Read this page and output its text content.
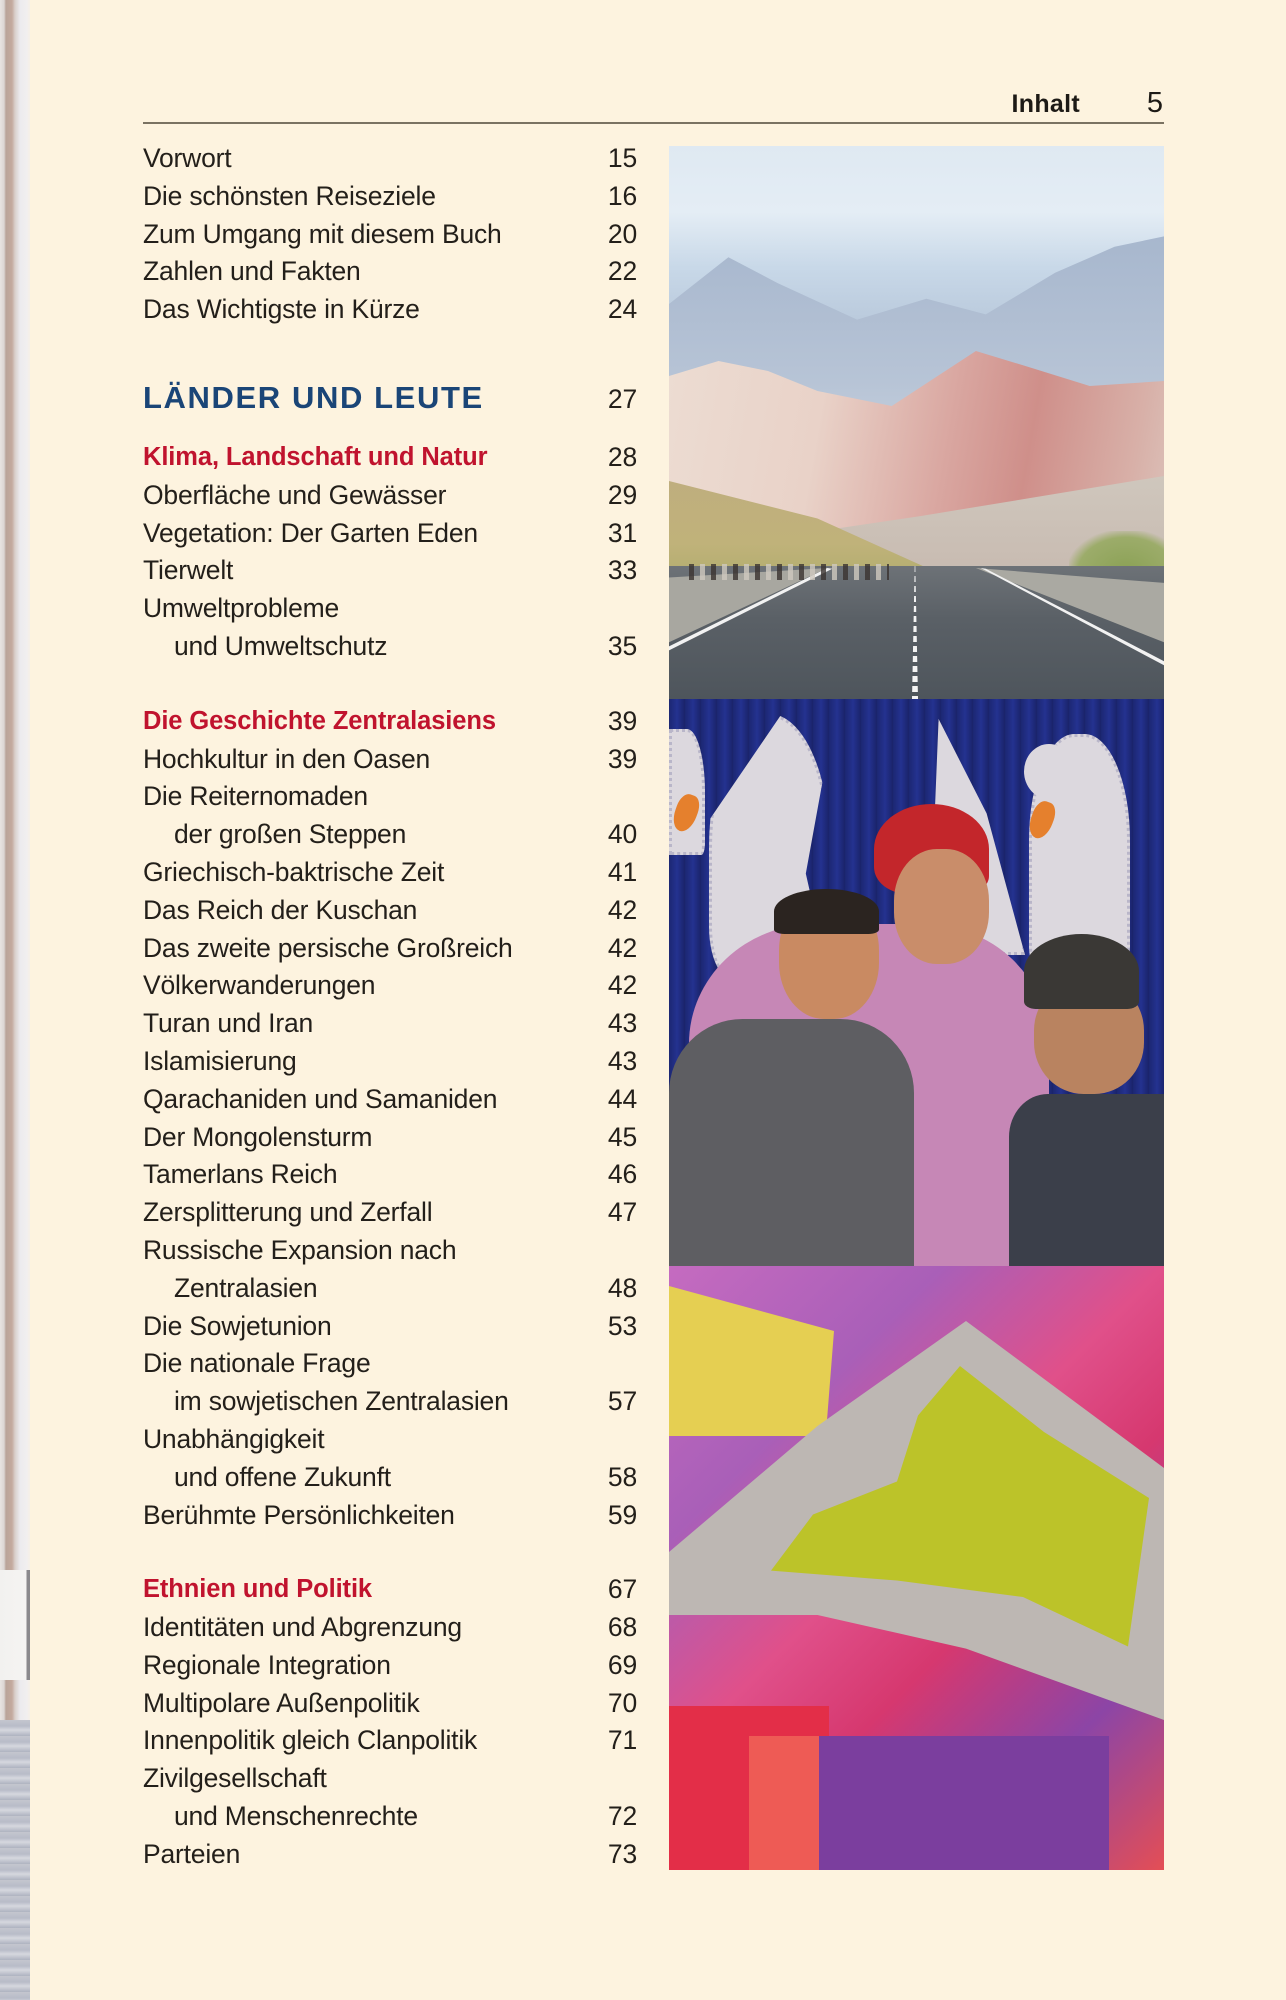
Inhalt 5
Vorwort	15
Die schönsten Reiseziele	16
Zum Umgang mit diesem Buch	20
Zahlen und Fakten	22
Das Wichtigste in Kürze	24
LÄNDER UND LEUTE	27
Klima, Landschaft und Natur	28
Oberfläche und Gewässer	29
Vegetation: Der Garten Eden	31
Tierwelt	33
Umweltprobleme
und Umweltschutz	35
Die Geschichte Zentralasiens	39
Hochkultur in den Oasen	39
Die Reiternomaden
der großen Steppen	40
Griechisch-baktrische Zeit	41
Das Reich der Kuschan	42
Das zweite persische Großreich	42
Völkerwanderungen	42
Turan und Iran	43
Islamisierung	43
Qarachaniden und Samaniden	44
Der Mongolensturm	45
Tamerlans Reich	46
Zersplitterung und Zerfall	47
Russische Expansion nach
Zentralasien	48
Die Sowjetunion	53
Die nationale Frage
im sowjetischen Zentralasien	57
Unabhängigkeit
und offene Zukunft	58
Berühmte Persönlichkeiten	59
Ethnien und Politik	67
Identitäten und Abgrenzung	68
Regionale Integration	69
Multipolare Außenpolitik	70
Innenpolitik gleich Clanpolitik	71
Zivilgesellschaft
und Menschenrechte	72
Parteien	73
